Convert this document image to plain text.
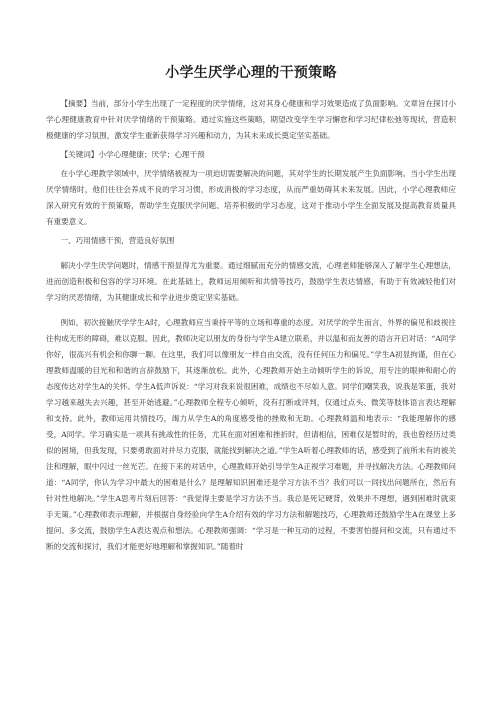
小学生厌学心理的干预策略

【摘要】当前，部分小学生出现了一定程度的厌学情绪，这对其身心健康和学习效果造成了负面影响。文章旨在探讨小学心理健康教育中针对厌学情绪的干预策略。通过实施这些策略，期望改变学生学习懈怠和学习纪律松弛等现状，营造积极健康的学习氛围，激发学生重新获得学习兴趣和动力，为其未来成长奠定坚实基础。

【关键词】小学心理健康；厌学；心理干预

在小学心理教学领域中，厌学情绪被视为一项迫切需要解决的问题，其对学生的长期发展产生负面影响。当小学生出现厌学情绪时，他们往往会养成不良的学习习惯，形成消极的学习态度，从而严重妨碍其未来发展。因此，小学心理教师应深入研究有效的干预策略，帮助学生克服厌学问题、培养积极的学习态度，这对于推动小学生全面发展及提高教育质量具有重要意义。

一、巧用情感干预，营造良好氛围

解决小学生厌学问题时，情感干预显得尤为重要。通过细腻而充分的情感交流，心理老师能够深入了解学生心理想法，进而创造积极和包容的学习环境。在此基础上，教师运用倾听和共情等技巧，鼓励学生表达情感，有助于有效减轻他们对学习的厌恶情绪，为其健康成长和学业进步奠定坚实基础。

例如，初次接触厌学学生A时，心理教师应当秉持平等的立场和尊重的态度。对厌学的学生而言，外界的偏见和歧视往往构成无形的障碍，难以克服。因此，教师决定以朋友的身份与学生A建立联系，并以温和而友善的语言开启对话：“A同学你好，很高兴有机会和你聊一聊。在这里，我们可以像朋友一样自由交流，没有任何压力和偏见。”学生A初显拘谨，但在心理教师温暖的目光和和谐的言辞鼓励下，其逐渐放松。此外，心理教师开始主动倾听学生的诉说，用专注的眼神和耐心的态度传达对学生A的关怀。学生A低声诉说：“学习对我来说很困难，成绩也不尽如人意。同学们嘲笑我，说我是笨蛋，我对学习越来越失去兴趣，甚至开始逃避。”心理教师全程专心倾听，没有打断或评判，仅通过点头、微笑等肢体语言表达理解和支持。此外，教师运用共情技巧，竭力从学生A的角度感受他的挫败和无助。心理教师温和地表示：“我能理解你的感受，A同学。学习确实是一项具有挑战性的任务，尤其在面对困难和挫折时，但请相信，困难仅是暂时的，我也曾经历过类似的困境，但我发现，只要勇敢面对并尽力克服，就能找到解决之道。”学生A听着心理教师的话，感受到了前所未有的被关注和理解，眼中闪过一丝光芒。在接下来的对话中，心理教师开始引导学生A正视学习难题，并寻找解决方法。心理教师问道：“A同学，你认为学习中最大的困难是什么？是理解知识困难还是学习方法不当？我们可以一同找出问题所在，然后有针对性地解决。”学生A思考片刻后回答：“我觉得主要是学习方法不当。我总是死记硬背，效果并不理想，遇到困难时就束手无策。”心理教师表示理解，并根据自身经验向学生A介绍有效的学习方法和解题技巧，心理教师还鼓励学生A在课堂上多提问、多交流，鼓励学生A表达观点和想法。心理教师强调：“学习是一种互动的过程，不要害怕提问和交流，只有通过不断的交流和探讨，我们才能更好地理解和掌握知识。”随着时
